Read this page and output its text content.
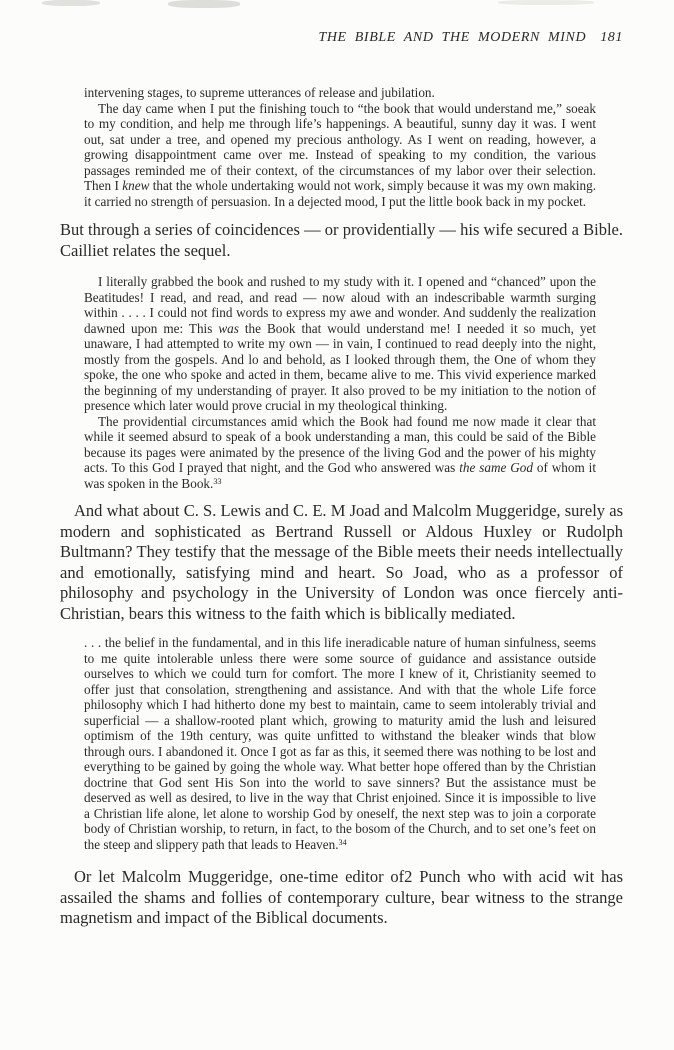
THE BIBLE AND THE MODERN MIND 181

intervening stages, to supreme utterances of release and jubilation.

The day came when I put the finishing touch to “the book that would understand me,” soeak to my condition, and help me through life’s happenings. A beautiful, sunny day it was. I went out, sat under a tree, and opened my precious anthology. As I went on reading, however, a growing disappointment came over me. Instead of speaking to my condition, the various passages reminded me of their context, of the circumstances of my labor over their selection. Then I knew that the whole undertaking would not work, simply because it was my own making. it carried no strength of persuasion. In a dejected mood, I put the little book back in my pocket.

But through a series of coincidences — or providentially — his wife secured a Bible. Cailliet relates the sequel.

I literally grabbed the book and rushed to my study with it. I opened and “chanced” upon the Beatitudes! I read, and read, and read — now aloud with an indescribable warmth surging within . . . . I could not find words to express my awe and wonder. And suddenly the realization dawned upon me: This was the Book that would understand me! I needed it so much, yet unaware, I had attempted to write my own — in vain, I continued to read deeply into the night, mostly from the gospels. And lo and behold, as I looked through them, the One of whom they spoke, the one who spoke and acted in them, became alive to me. This vivid experience marked the beginning of my understanding of prayer. It also proved to be my initiation to the notion of presence which later would prove crucial in my theological thinking.

The providential circumstances amid which the Book had found me now made it clear that while it seemed absurd to speak of a book understanding a man, this could be said of the Bible because its pages were animated by the presence of the living God and the power of his mighty acts. To this God I prayed that night, and the God who answered was the same God of whom it was spoken in the Book.$^{33}$

And what about C. S. Lewis and C. E. M Joad and Malcolm Muggeridge, surely as modern and sophisticated as Bertrand Russell or Aldous Huxley or Rudolph Bultmann? They testify that the message of the Bible meets their needs intellectually and emotionally, satisfying mind and heart. So Joad, who as a professor of philosophy and psychology in the University of London was once fiercely anti-Christian, bears this witness to the faith which is biblically mediated.

. . . the belief in the fundamental, and in this life ineradicable nature of human sinfulness, seems to me quite intolerable unless there were some source of guidance and assistance outside ourselves to which we could turn for comfort. The more I knew of it, Christianity seemed to offer just that consolation, strengthening and assistance. And with that the whole Life force philosophy which I had hitherto done my best to maintain, came to seem intolerably trivial and superficial — a shallow-rooted plant which, growing to maturity amid the lush and leisured optimism of the 19th century, was quite unfitted to withstand the bleaker winds that blow through ours. I abandoned it. Once I got as far as this, it seemed there was nothing to be lost and everything to be gained by going the whole way. What better hope offered than by the Christian doctrine that God sent His Son into the world to save sinners? But the assistance must be deserved as well as desired, to live in the way that Christ enjoined. Since it is impossible to live a Christian life alone, let alone to worship God by oneself, the next step was to join a corporate body of Christian worship, to return, in fact, to the bosom of the Church, and to set one’s feet on the steep and slippery path that leads to Heaven.$^{34}$

Or let Malcolm Muggeridge, one-time editor of2 Punch who with acid wit has assailed the shams and follies of contemporary culture, bear witness to the strange magnetism and impact of the Biblical documents.
